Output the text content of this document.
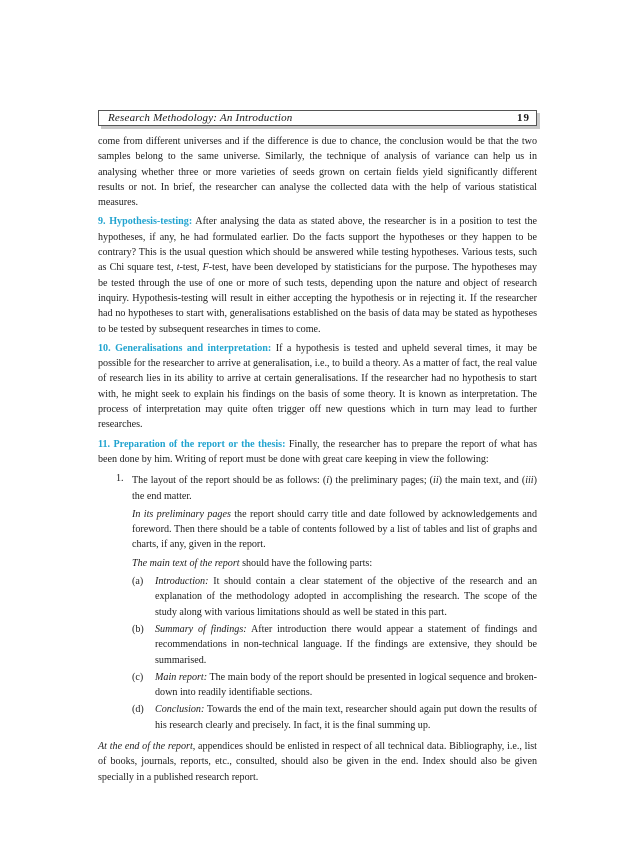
Research Methodology: An Introduction	19

come from different universes and if the difference is due to chance, the conclusion would be that the two samples belong to the same universe. Similarly, the technique of analysis of variance can help us in analysing whether three or more varieties of seeds grown on certain fields yield significantly different results or not. In brief, the researcher can analyse the collected data with the help of various statistical measures.

9. Hypothesis-testing: After analysing the data as stated above, the researcher is in a position to test the hypotheses, if any, he had formulated earlier. Do the facts support the hypotheses or they happen to be contrary? This is the usual question which should be answered while testing hypotheses. Various tests, such as Chi square test, t-test, F-test, have been developed by statisticians for the purpose. The hypotheses may be tested through the use of one or more of such tests, depending upon the nature and object of research inquiry. Hypothesis-testing will result in either accepting the hypothesis or in rejecting it. If the researcher had no hypotheses to start with, generalisations established on the basis of data may be stated as hypotheses to be tested by subsequent researches in times to come.

10. Generalisations and interpretation: If a hypothesis is tested and upheld several times, it may be possible for the researcher to arrive at generalisation, i.e., to build a theory. As a matter of fact, the real value of research lies in its ability to arrive at certain generalisations. If the researcher had no hypothesis to start with, he might seek to explain his findings on the basis of some theory. It is known as interpretation. The process of interpretation may quite often trigger off new questions which in turn may lead to further researches.

11. Preparation of the report or the thesis: Finally, the researcher has to prepare the report of what has been done by him. Writing of report must be done with great care keeping in view the following:

1. The layout of the report should be as follows: (i) the preliminary pages; (ii) the main text, and (iii) the end matter.

In its preliminary pages the report should carry title and date followed by acknowledgements and foreword. Then there should be a table of contents followed by a list of tables and list of graphs and charts, if any, given in the report.

The main text of the report should have the following parts:

(a)	Introduction: It should contain a clear statement of the objective of the research and an explanation of the methodology adopted in accomplishing the research. The scope of the study along with various limitations should as well be stated in this part.
(b)	Summary of findings: After introduction there would appear a statement of findings and recommendations in non-technical language. If the findings are extensive, they should be summarised.
(c)	Main report: The main body of the report should be presented in logical sequence and broken-down into readily identifiable sections.
(d)	Conclusion: Towards the end of the main text, researcher should again put down the results of his research clearly and precisely. In fact, it is the final summing up.

At the end of the report, appendices should be enlisted in respect of all technical data. Bibliography, i.e., list of books, journals, reports, etc., consulted, should also be given in the end. Index should also be given specially in a published research report.
